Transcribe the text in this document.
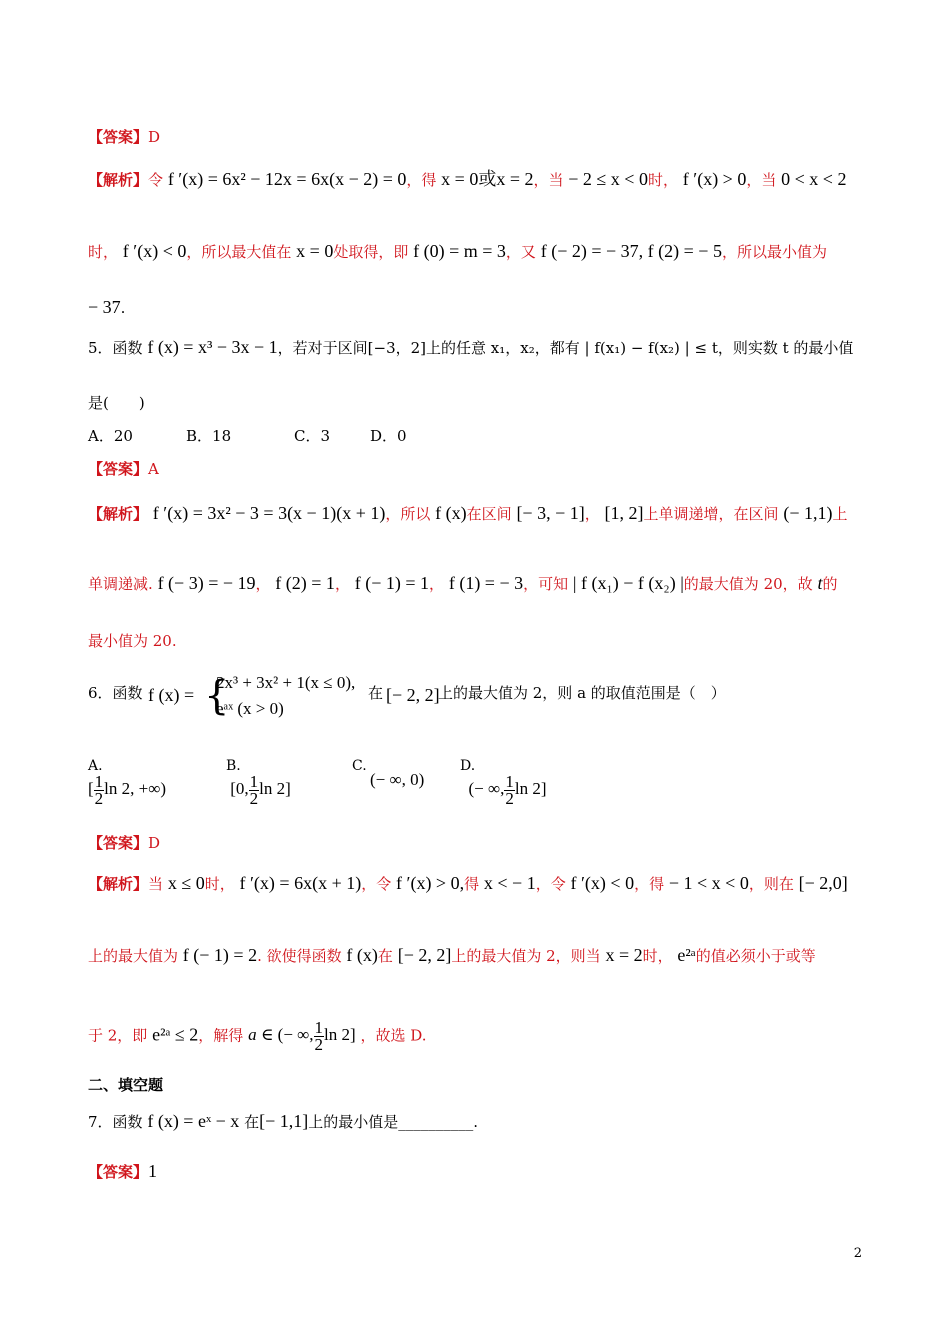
【答案】D
【解析】令 f ′(x) = 6x² − 12x = 6x(x − 2) = 0，得 x = 0或x = 2，当 − 2 ≤ x < 0时， f ′(x) > 0，当 0 < x < 2
时， f ′(x) < 0，所以最大值在 x = 0处取得，即 f (0) = m = 3，又 f (− 2) = − 37, f (2) = − 5，所以最小值为
− 37.
5．函数 f (x) = x³ − 3x − 1，若对于区间[−3，2]上的任意 x₁，x₂，都有 | f(x₁) − f(x₂) | ≤ t，则实数 t 的最小值
是(　　)
A．20	B．18	C．3	D．0
【答案】A
【解析】 f ′(x) = 3x² − 3 = 3(x − 1)(x + 1)，所以 f (x)在区间 [− 3, − 1]， [1, 2]上单调递增，在区间 (− 1,1)上
单调递减. f (− 3) = − 19， f (2) = 1， f (− 1) = 1， f (1) = − 3，可知 | f (x₁) − f (x₂) |的最大值为 20，故 t的
最小值为 20.
6．函数 f (x) = {
2x³ + 3x² + 1(x ≤ 0),
eᵃˣ (x > 0)
在 [− 2, 2]
上的最大值为 2，则 a 的取值范围是（　）
A.
[ $\frac{1}{2}$ ln 2, +∞)
B.
[0, $\frac{1}{2}$ ln 2]
C.
(− ∞, 0)
D.
(− ∞, $\frac{1}{2}$ ln 2]
【答案】D
【解析】当 x ≤ 0时， f ′(x) = 6x(x + 1)，令 f ′(x) > 0,得 x < − 1，令 f ′(x) < 0，得 − 1 < x < 0，则在 [− 2,0]
上的最大值为 f (− 1) = 2. 欲使得函数 f (x)在 [− 2, 2]上的最大值为 2，则当 x = 2时， e²ᵃ的值必须小于或等
于 2，即 e²ᵃ ≤ 2，解得 a ∈ (− ∞, $\frac{1}{2}$ ln 2] ，故选 D.
二、填空题
7．函数 f (x) = eˣ − x 在[− 1,1]上的最小值是__________.
【答案】1
2
